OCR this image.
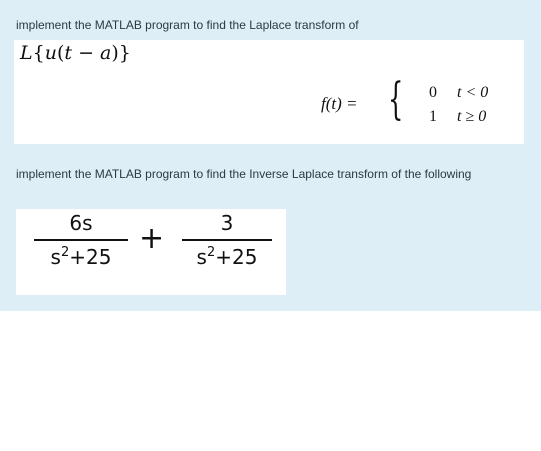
implement the MATLAB program to find the Laplace transform of
L{u(t − a)}
f(t) = { 0 t < 0
1 t ≥ 0
implement the MATLAB program to find the Inverse Laplace transform of the following
6s
$s^2+25$
+	3
$s^2+25$
